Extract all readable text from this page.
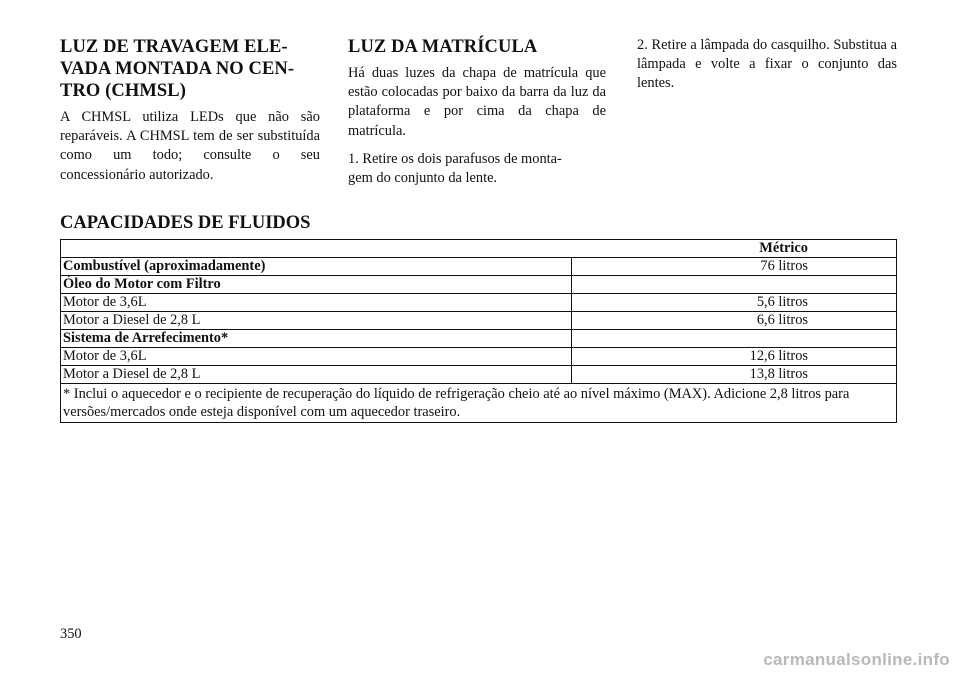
LUZ DE TRAVAGEM ELE-
VADA MONTADA NO CEN-
TRO (CHMSL)

A CHMSL utiliza LEDs que não são reparáveis. A CHMSL tem de ser substituída como um todo; consulte o seu concessionário autorizado.

LUZ DA MATRÍCULA

Há duas luzes da chapa de matrícula que estão colocadas por baixo da barra da luz da plataforma e por cima da chapa de matrícula.

1. Retire os dois parafusos de monta-
gem do conjunto da lente.

2. Retire a lâmpada do casquilho. Substitua a lâmpada e volte a fixar o conjunto das lentes.

CAPACIDADES DE FLUIDOS
Métrico	
Combustível (aproximadamente)	76 litros
Óleo do Motor com Filtro	
Motor de 3,6L	5,6 litros
Motor a Diesel de 2,8 L	6,6 litros
Sistema de Arrefecimento*	
Motor de 3,6L	12,6 litros
Motor a Diesel de 2,8 L	13,8 litros
* Inclui o aquecedor e o recipiente de recuperação do líquido de refrigeração cheio até ao nível máximo (MAX). Adicione 2,8 litros para versões/mercados onde esteja disponível com um aquecedor traseiro.	
350
carmanualsonline.info
